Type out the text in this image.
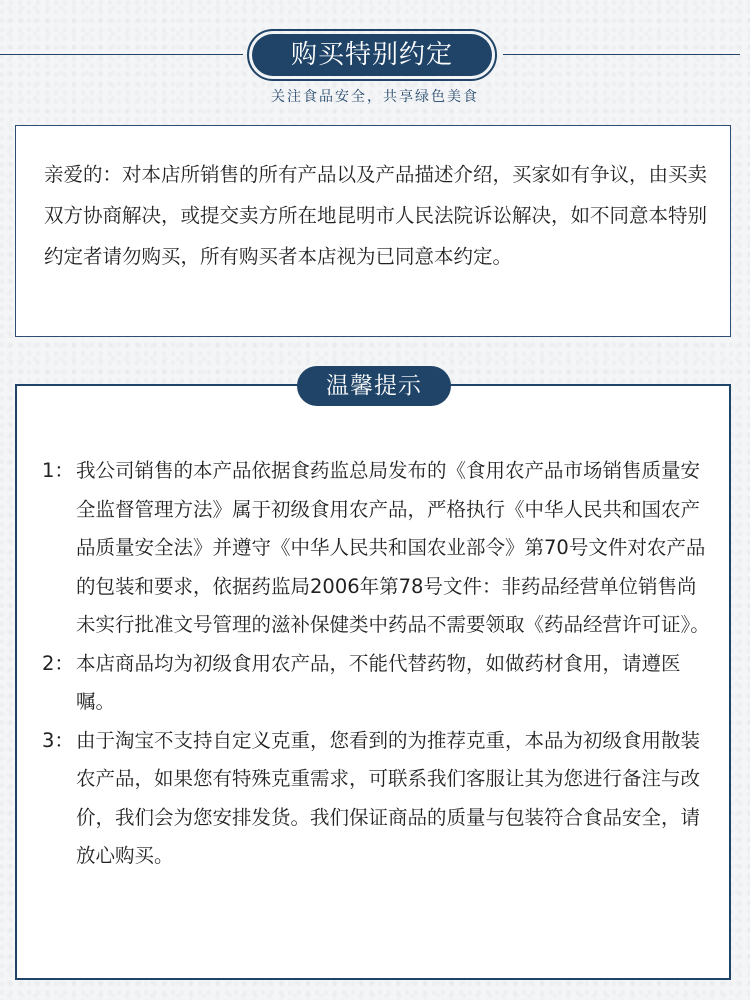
购买特别约定
关注食品安全，共享绿色美食
亲爱的：对本店所销售的所有产品以及产品描述介绍，买家如有争议，由买卖双方协商解决，或提交卖方所在地昆明市人民法院诉讼解决，如不同意本特别约定者请勿购买，所有购买者本店视为已同意本约定。
温馨提示
1： 我公司销售的本产品依据食药监总局发布的《食用农产品市场销售质量安全监督管理方法》属于初级食用农产品，严格执行《中华人民共和国农产品质量安全法》并遵守《中华人民共和国农业部令》第70号文件对农产品的包装和要求，依据药监局2006年第78号文件：非药品经营单位销售尚未实行批准文号管理的滋补保健类中药品不需要领取《药品经营许可证》。
2： 本店商品均为初级食用农产品，不能代替药物，如做药材食用，请遵医嘱。
3： 由于淘宝不支持自定义克重，您看到的为推荐克重，本品为初级食用散装农产品，如果您有特殊克重需求，可联系我们客服让其为您进行备注与改价，我们会为您安排发货。我们保证商品的质量与包装符合食品安全，请放心购买。
